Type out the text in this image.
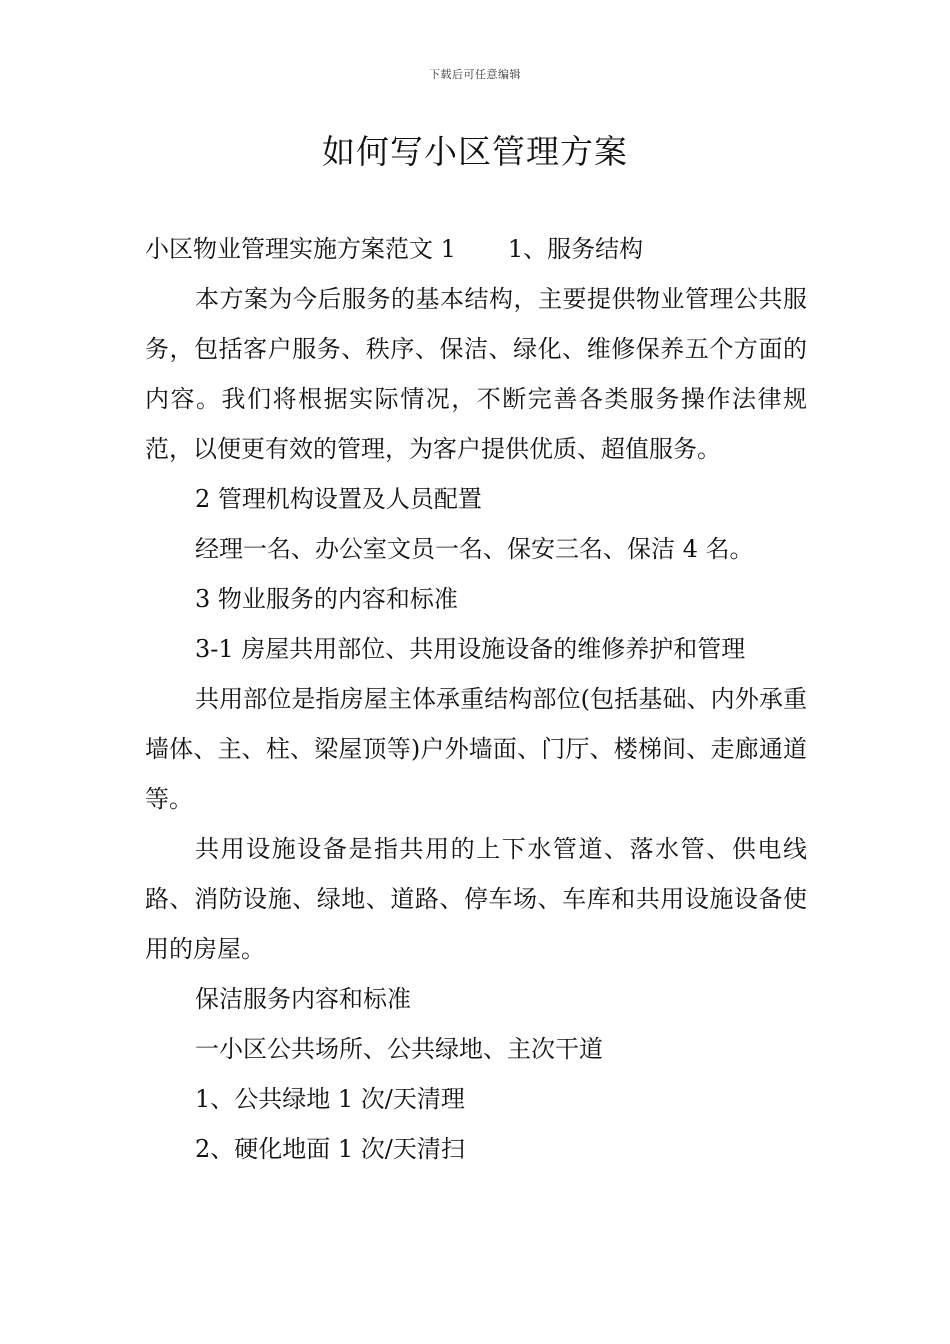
下载后可任意编辑
如何写小区管理方案

小区物业管理实施方案范文 1 1、服务结构

本方案为今后服务的基本结构，主要提供物业管理公共服务，包括客户服务、秩序、保洁、绿化、维修保养五个方面的内容。我们将根据实际情况，不断完善各类服务操作法律规范，以便更有效的管理，为客户提供优质、超值服务。

2 管理机构设置及人员配置

经理一名、办公室文员一名、保安三名、保洁 4 名。

3 物业服务的内容和标准

3-1 房屋共用部位、共用设施设备的维修养护和管理

共用部位是指房屋主体承重结构部位(包括基础、内外承重墙体、主、柱、梁屋顶等)户外墙面、门厅、楼梯间、走廊通道等。

共用设施设备是指共用的上下水管道、落水管、供电线路、消防设施、绿地、道路、停车场、车库和共用设施设备使用的房屋。

保洁服务内容和标准

一小区公共场所、公共绿地、主次干道

1、公共绿地 1 次/天清理

2、硬化地面 1 次/天清扫
